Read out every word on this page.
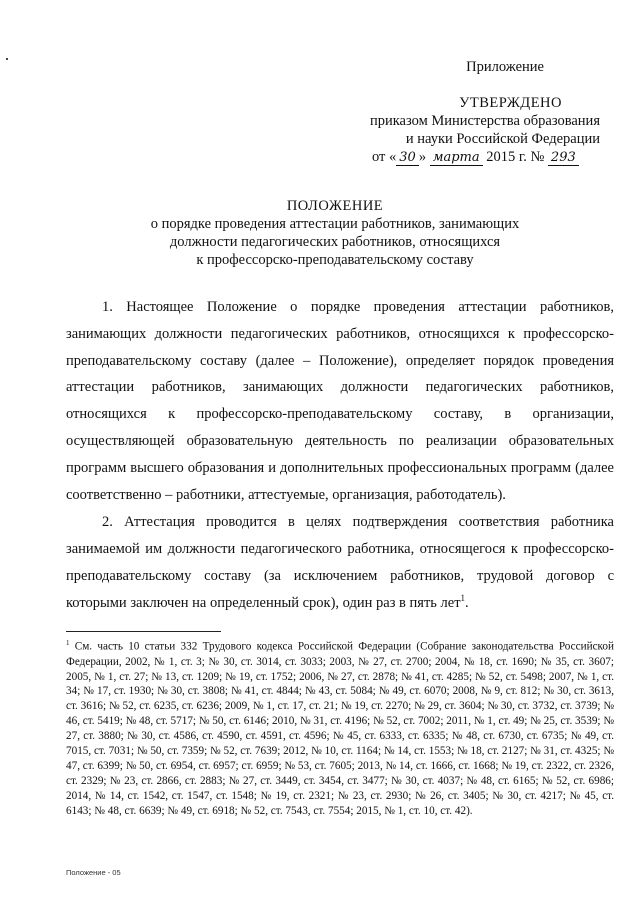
Приложение
УТВЕРЖДЕНО
приказом Министерства образования
и науки Российской Федерации
от « 30 » марта 2015 г. № 293
ПОЛОЖЕНИЕ
о порядке проведения аттестации работников, занимающих
должности педагогических работников, относящихся
к профессорско-преподавательскому составу

1. Настоящее Положение о порядке проведения аттестации работников, занимающих должности педагогических работников, относящихся к профессорско-преподавательскому составу (далее – Положение), определяет порядок проведения аттестации работников, занимающих должности педагогических работников, относящихся к профессорско-преподавательскому составу, в организации, осуществляющей образовательную деятельность по реализации образовательных программ высшего образования и дополнительных профессиональных программ (далее соответственно – работники, аттестуемые, организация, работодатель).

2. Аттестация проводится в целях подтверждения соответствия работника занимаемой им должности педагогического работника, относящегося к профессорско-преподавательскому составу (за исключением работников, трудовой договор с которыми заключен на определенный срок), один раз в пять лет$^1$.

$^1$ См. часть 10 статьи 332 Трудового кодекса Российской Федерации (Собрание законодательства Российской Федерации, 2002, № 1, ст. 3; № 30, ст. 3014, ст. 3033; 2003, № 27, ст. 2700; 2004, № 18, ст. 1690; № 35, ст. 3607; 2005, № 1, ст. 27; № 13, ст. 1209; № 19, ст. 1752; 2006, № 27, ст. 2878; № 41, ст. 4285; № 52, ст. 5498; 2007, № 1, ст. 34; № 17, ст. 1930; № 30, ст. 3808; № 41, ст. 4844; № 43, ст. 5084; № 49, ст. 6070; 2008, № 9, ст. 812; № 30, ст. 3613, ст. 3616; № 52, ст. 6235, ст. 6236; 2009, № 1, ст. 17, ст. 21; № 19, ст. 2270; № 29, ст. 3604; № 30, ст. 3732, ст. 3739; № 46, ст. 5419; № 48, ст. 5717; № 50, ст. 6146; 2010, № 31, ст. 4196; № 52, ст. 7002; 2011, № 1, ст. 49; № 25, ст. 3539; № 27, ст. 3880; № 30, ст. 4586, ст. 4590, ст. 4591, ст. 4596; № 45, ст. 6333, ст. 6335; № 48, ст. 6730, ст. 6735; № 49, ст. 7015, ст. 7031; № 50, ст. 7359; № 52, ст. 7639; 2012, № 10, ст. 1164; № 14, ст. 1553; № 18, ст. 2127; № 31, ст. 4325; № 47, ст. 6399; № 50, ст. 6954, ст. 6957; ст. 6959; № 53, ст. 7605; 2013, № 14, ст. 1666, ст. 1668; № 19, ст. 2322, ст. 2326, ст. 2329; № 23, ст. 2866, ст. 2883; № 27, ст. 3449, ст. 3454, ст. 3477; № 30, ст. 4037; № 48, ст. 6165; № 52, ст. 6986; 2014, № 14, ст. 1542, ст. 1547, ст. 1548; № 19, ст. 2321; № 23, ст. 2930; № 26, ст. 3405; № 30, ст. 4217; № 45, ст. 6143; № 48, ст. 6639; № 49, ст. 6918; № 52, ст. 7543, ст. 7554; 2015, № 1, ст. 10, ст. 42).
Положение - 05
